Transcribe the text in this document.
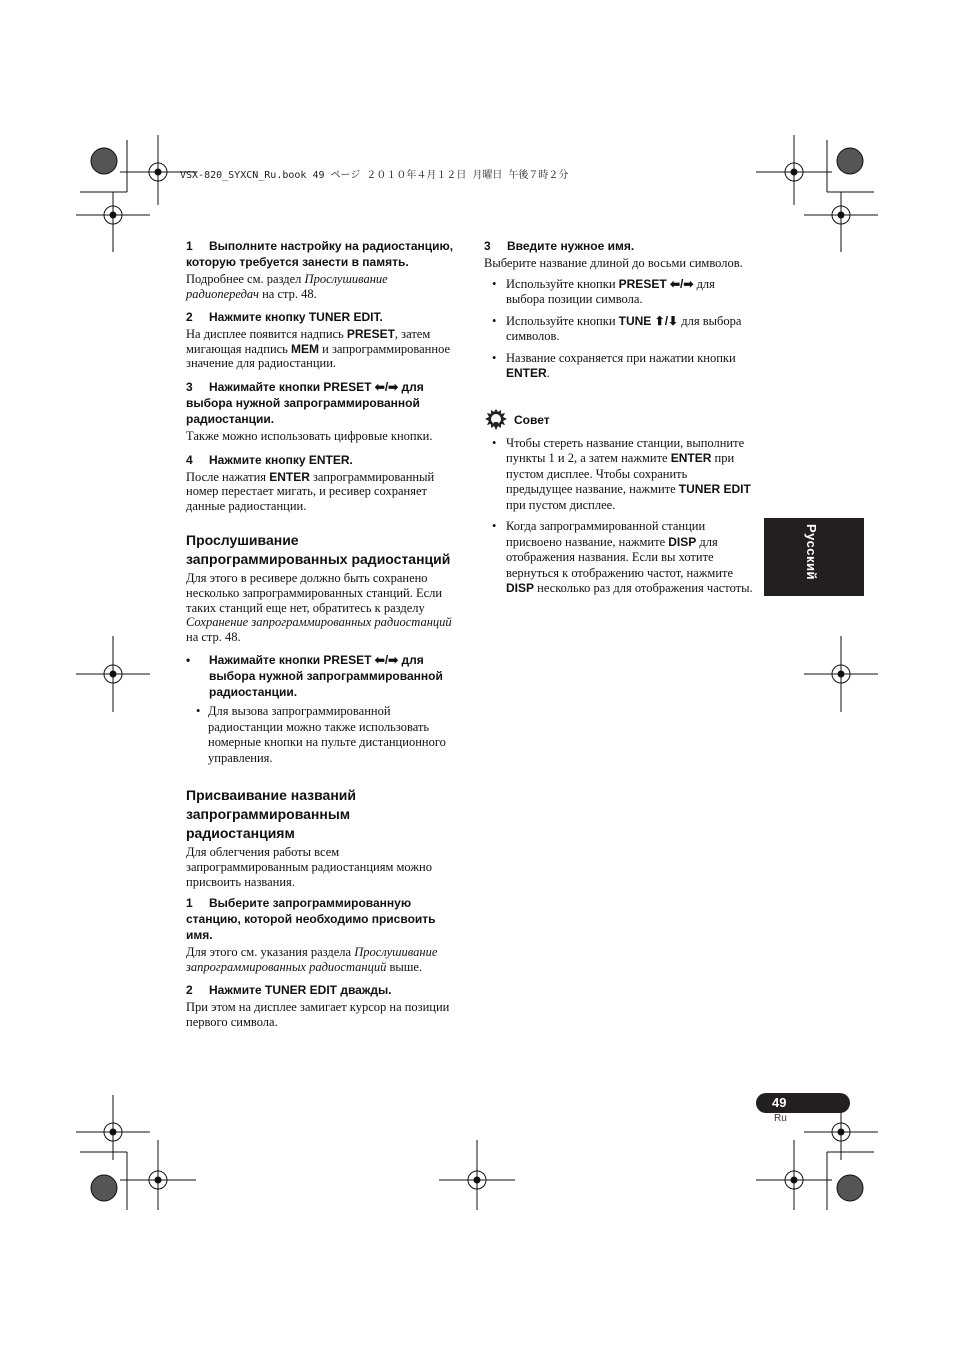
VSX-820_SYXCN_Ru.book 49 ページ ２０１０年４月１２日 月曜日 午後７時２分

1 Выполните настройку на радиостанцию, которую требуется занести в память.

Подробнее см. раздел Прослушивание радиопередач на стр. 48.

2 Нажмите кнопку TUNER EDIT.

На дисплее появится надпись PRESET, затем мигающая надпись MEM и запрограммированное значение для радиостанции.

3 Нажимайте кнопки PRESET ⬅/➡ для выбора нужной запрограммированной радиостанции.

Также можно использовать цифровые кнопки.

4 Нажмите кнопку ENTER.

После нажатия ENTER запрограммированный номер перестает мигать, и ресивер сохраняет данные радиостанции.

Прослушивание запрограммированных радиостанций

Для этого в ресивере должно быть сохранено несколько запрограммированных станций. Если таких станций еще нет, обратитесь к разделу Сохранение запрограммированных радиостанций на стр. 48.

• Нажимайте кнопки PRESET ⬅/➡ для выбора нужной запрограммированной радиостанции.

• Для вызова запрограммированной радиостанции можно также использовать номерные кнопки на пульте дистанционного управления.
Присваивание названий запрограммированным радиостанциям

Для облегчения работы всем запрограммированным радиостанциям можно присвоить названия.

1 Выберите запрограммированную станцию, которой необходимо присвоить имя.

Для этого см. указания раздела Прослушивание запрограммированных радиостанций выше.

2 Нажмите TUNER EDIT дважды.

При этом на дисплее замигает курсор на позиции первого символа.

3 Введите нужное имя.

Выберите название длиной до восьми символов.

• Используйте кнопки PRESET ⬅/➡ для выбора позиции символа.
• Используйте кнопки TUNE ⬆/⬇ для выбора символов.
• Название сохраняется при нажатии кнопки ENTER.
Совет
• Чтобы стереть название станции, выполните пункты 1 и 2, а затем нажмите ENTER при пустом дисплее. Чтобы сохранить предыдущее название, нажмите TUNER EDIT при пустом дисплее.
• Когда запрограммированной станции присвоено название, нажмите DISP для отображения названия. Если вы хотите вернуться к отображению частот, нажмите DISP несколько раз для отображения частоты.
Русский
49
Ru
